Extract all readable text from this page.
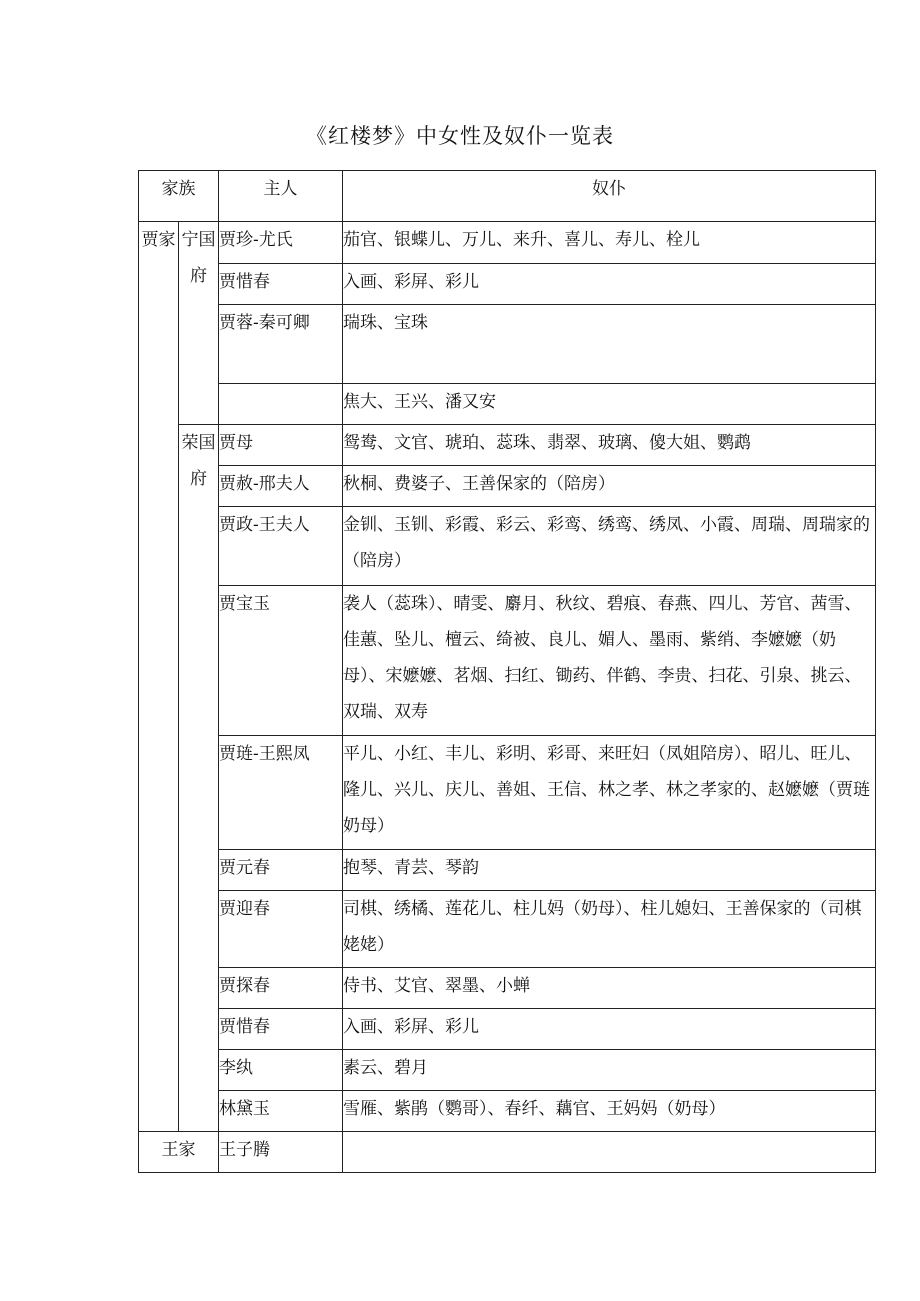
《红楼梦》中女性及奴仆一览表
家族		主人	奴仆
贾家	宁国府	贾珍-尤氏	茄官、银蝶儿、万儿、来升、喜儿、寿儿、栓儿
		贾惜春	入画、彩屏、彩儿
		贾蓉-秦可卿	瑞珠、宝珠
			焦大、王兴、潘又安
	荣国府	贾母	鸳鸯、文官、琥珀、蕊珠、翡翠、玻璃、傻大姐、鹦鹉
		贾赦-邢夫人	秋桐、费婆子、王善保家的（陪房）
		贾政-王夫人	金钏、玉钏、彩霞、彩云、彩鸾、绣鸾、绣凤、小霞、周瑞、周瑞家的（陪房）
		贾宝玉	袭人（蕊珠）、晴雯、麝月、秋纹、碧痕、春燕、四儿、芳官、茜雪、佳蕙、坠儿、檀云、绮被、良儿、媚人、墨雨、紫绡、李嬷嬷（奶母）、宋嬷嬷、茗烟、扫红、锄药、伴鹤、李贵、扫花、引泉、挑云、双瑞、双寿
		贾琏-王熙凤	平儿、小红、丰儿、彩明、彩哥、来旺妇（凤姐陪房）、昭儿、旺儿、隆儿、兴儿、庆儿、善姐、王信、林之孝、林之孝家的、赵嬷嬷（贾琏奶母）
		贾元春	抱琴、青芸、琴韵
		贾迎春	司棋、绣橘、莲花儿、柱儿妈（奶母）、柱儿媳妇、王善保家的（司棋姥姥）
		贾探春	侍书、艾官、翠墨、小蝉
		贾惜春	入画、彩屏、彩儿
		李纨	素云、碧月
		林黛玉	雪雁、紫鹃（鹦哥）、春纤、藕官、王妈妈（奶母）
王家		王子腾	
